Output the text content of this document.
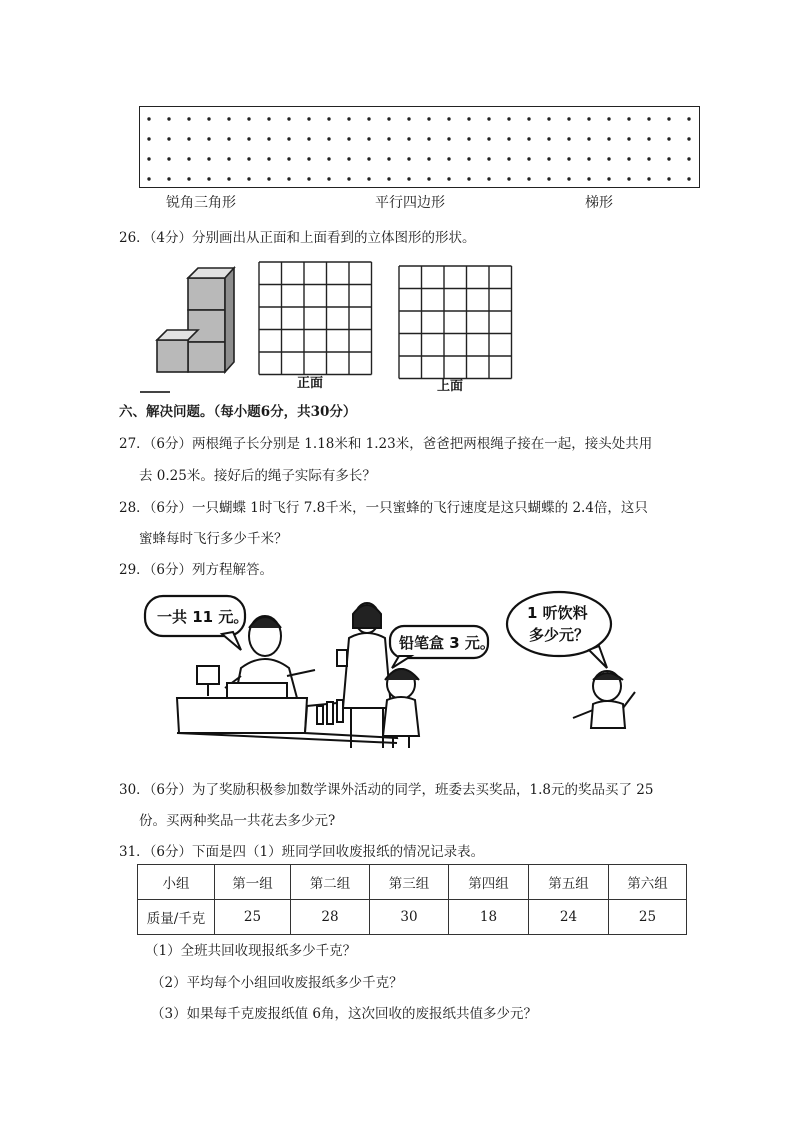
锐角三角形	平行四边形	梯形
26．（4分）分别画出从正面和上面看到的立体图形的形状。
正面	上面
六、解决问题。（每小题6分，共30分）
27．（6分）两根绳子长分别是 1.18米和 1.23米，爸爸把两根绳子接在一起，接头处共用
去 0.25米。接好后的绳子实际有多长？
28．（6分）一只蝴蝶 1时飞行 7.8千米，一只蜜蜂的飞行速度是这只蝴蝶的 2.4倍，这只
蜜蜂每时飞行多少千米？
29．（6分）列方程解答。
一共 11 元。
铅笔盒 3 元。
1 听饮料
多少元？
30．（6分）为了奖励积极参加数学课外活动的同学，班委去买奖品，1.8元的奖品买了 25
份。买两种奖品一共花去多少元?
31．（6分）下面是四（1）班同学回收废报纸的情况记录表。
小组	第一组	第二组	第三组	第四组	第五组	第六组
质量/千克	25	28	30	18	24	25
（1）全班共回收现报纸多少千克？
（2）平均每个小组回收废报纸多少千克？
（3）如果每千克废报纸值 6角，这次回收的废报纸共值多少元？
